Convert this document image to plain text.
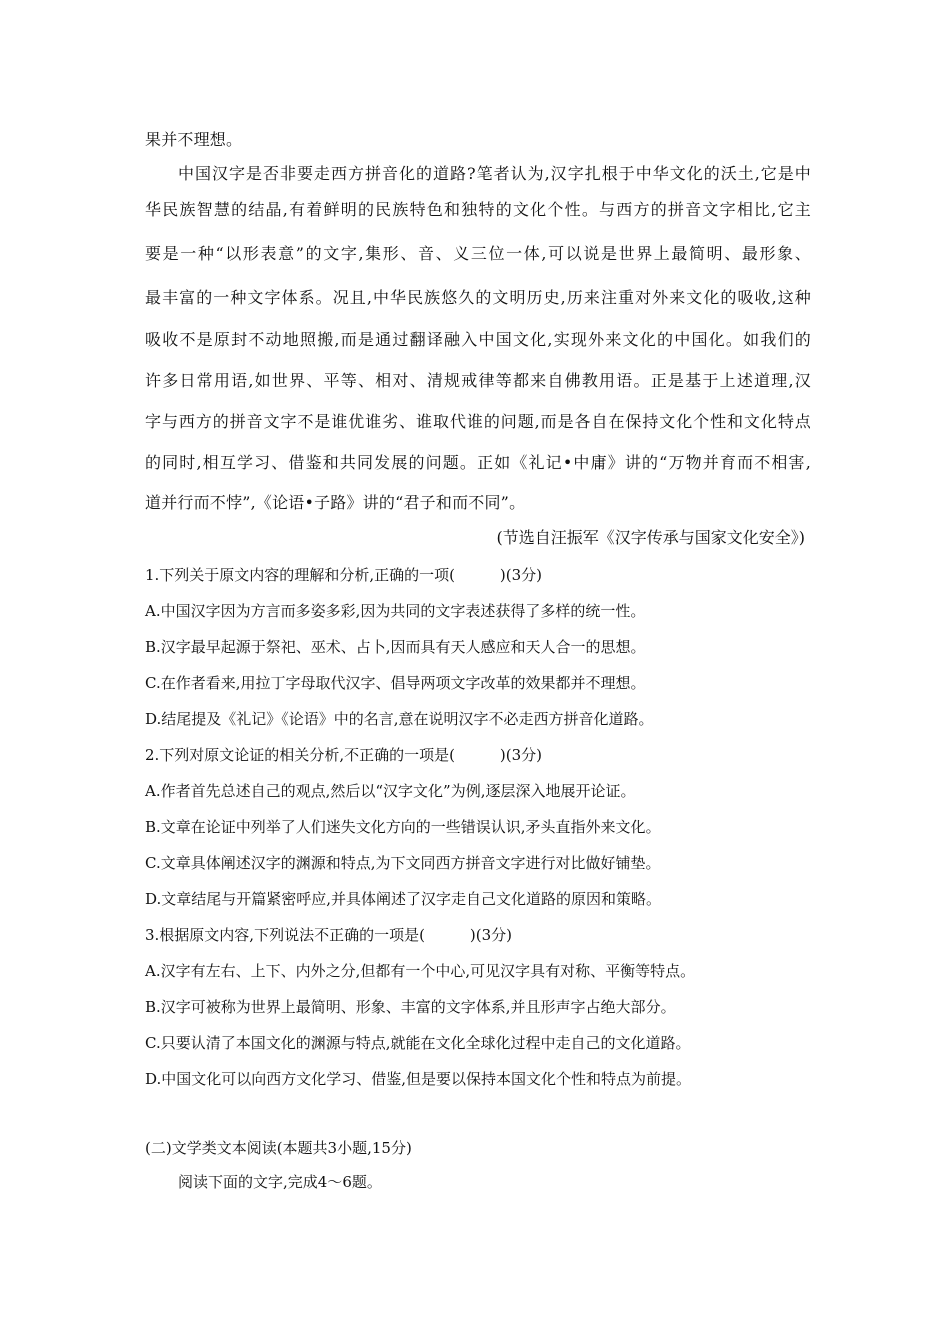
果并不理想。
中国汉字是否非要走西方拼音化的道路?笔者认为,汉字扎根于中华文化的沃土,它是中
华民族智慧的结晶,有着鲜明的民族特色和独特的文化个性。与西方的拼音文字相比,它主
要是一种“以形表意”的文字,集形、音、义三位一体,可以说是世界上最简明、最形象、
最丰富的一种文字体系。况且,中华民族悠久的文明历史,历来注重对外来文化的吸收,这种
吸收不是原封不动地照搬,而是通过翻译融入中国文化,实现外来文化的中国化。如我们的
许多日常用语,如世界、平等、相对、清规戒律等都来自佛教用语。正是基于上述道理,汉
字与西方的拼音文字不是谁优谁劣、谁取代谁的问题,而是各自在保持文化个性和文化特点
的同时,相互学习、借鉴和共同发展的问题。正如《礼记•中庸》讲的“万物并育而不相害,
道并行而不悖”,《论语•子路》讲的“君子和而不同”。
(节选自汪振军《汉字传承与国家文化安全》)
1.下列关于原文内容的理解和分析,正确的一项(　　　)(3分)
A.中国汉字因为方言而多姿多彩,因为共同的文字表述获得了多样的统一性。
B.汉字最早起源于祭祀、巫术、占卜,因而具有天人感应和天人合一的思想。
C.在作者看来,用拉丁字母取代汉字、倡导两项文字改革的效果都并不理想。
D.结尾提及《礼记》《论语》中的名言,意在说明汉字不必走西方拼音化道路。
2.下列对原文论证的相关分析,不正确的一项是(　　　)(3分)
A.作者首先总述自己的观点,然后以“汉字文化”为例,逐层深入地展开论证。
B.文章在论证中列举了人们迷失文化方向的一些错误认识,矛头直指外来文化。
C.文章具体阐述汉字的渊源和特点,为下文同西方拼音文字进行对比做好铺垫。
D.文章结尾与开篇紧密呼应,并具体阐述了汉字走自己文化道路的原因和策略。
3.根据原文内容,下列说法不正确的一项是(　　　)(3分)
A.汉字有左右、上下、内外之分,但都有一个中心,可见汉字具有对称、平衡等特点。
B.汉字可被称为世界上最简明、形象、丰富的文字体系,并且形声字占绝大部分。
C.只要认清了本国文化的渊源与特点,就能在文化全球化过程中走自己的文化道路。
D.中国文化可以向西方文化学习、借鉴,但是要以保持本国文化个性和特点为前提。
(二)文学类文本阅读(本题共3小题,15分)
阅读下面的文字,完成4～6题。
